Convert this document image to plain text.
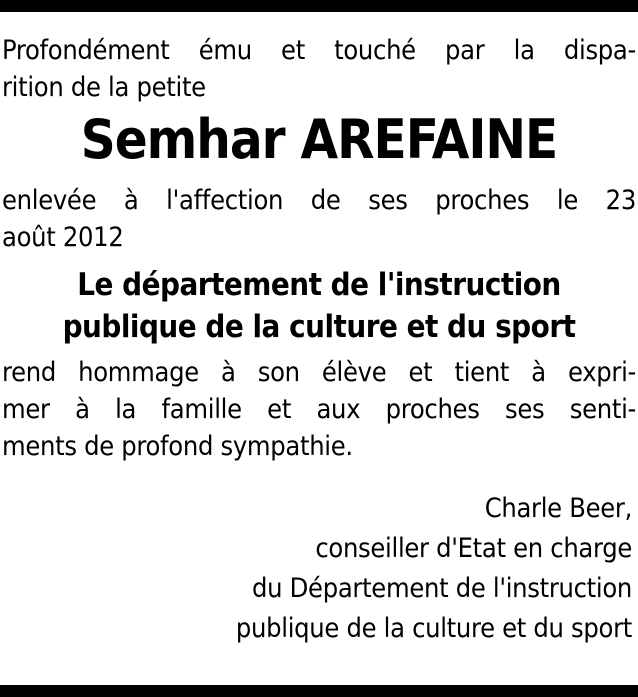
Profondément ému et touché par la dispa-
rition de la petite
Semhar AREFAINE
enlevée à l'affection de ses proches le 23
août 2012
Le département de l'instruction
publique de la culture et du sport
rend hommage à son élève et tient à expri-
mer à la famille et aux proches ses senti-
ments de profond sympathie.
Charle Beer,
conseiller d'Etat en charge
du Département de l'instruction
publique de la culture et du sport
